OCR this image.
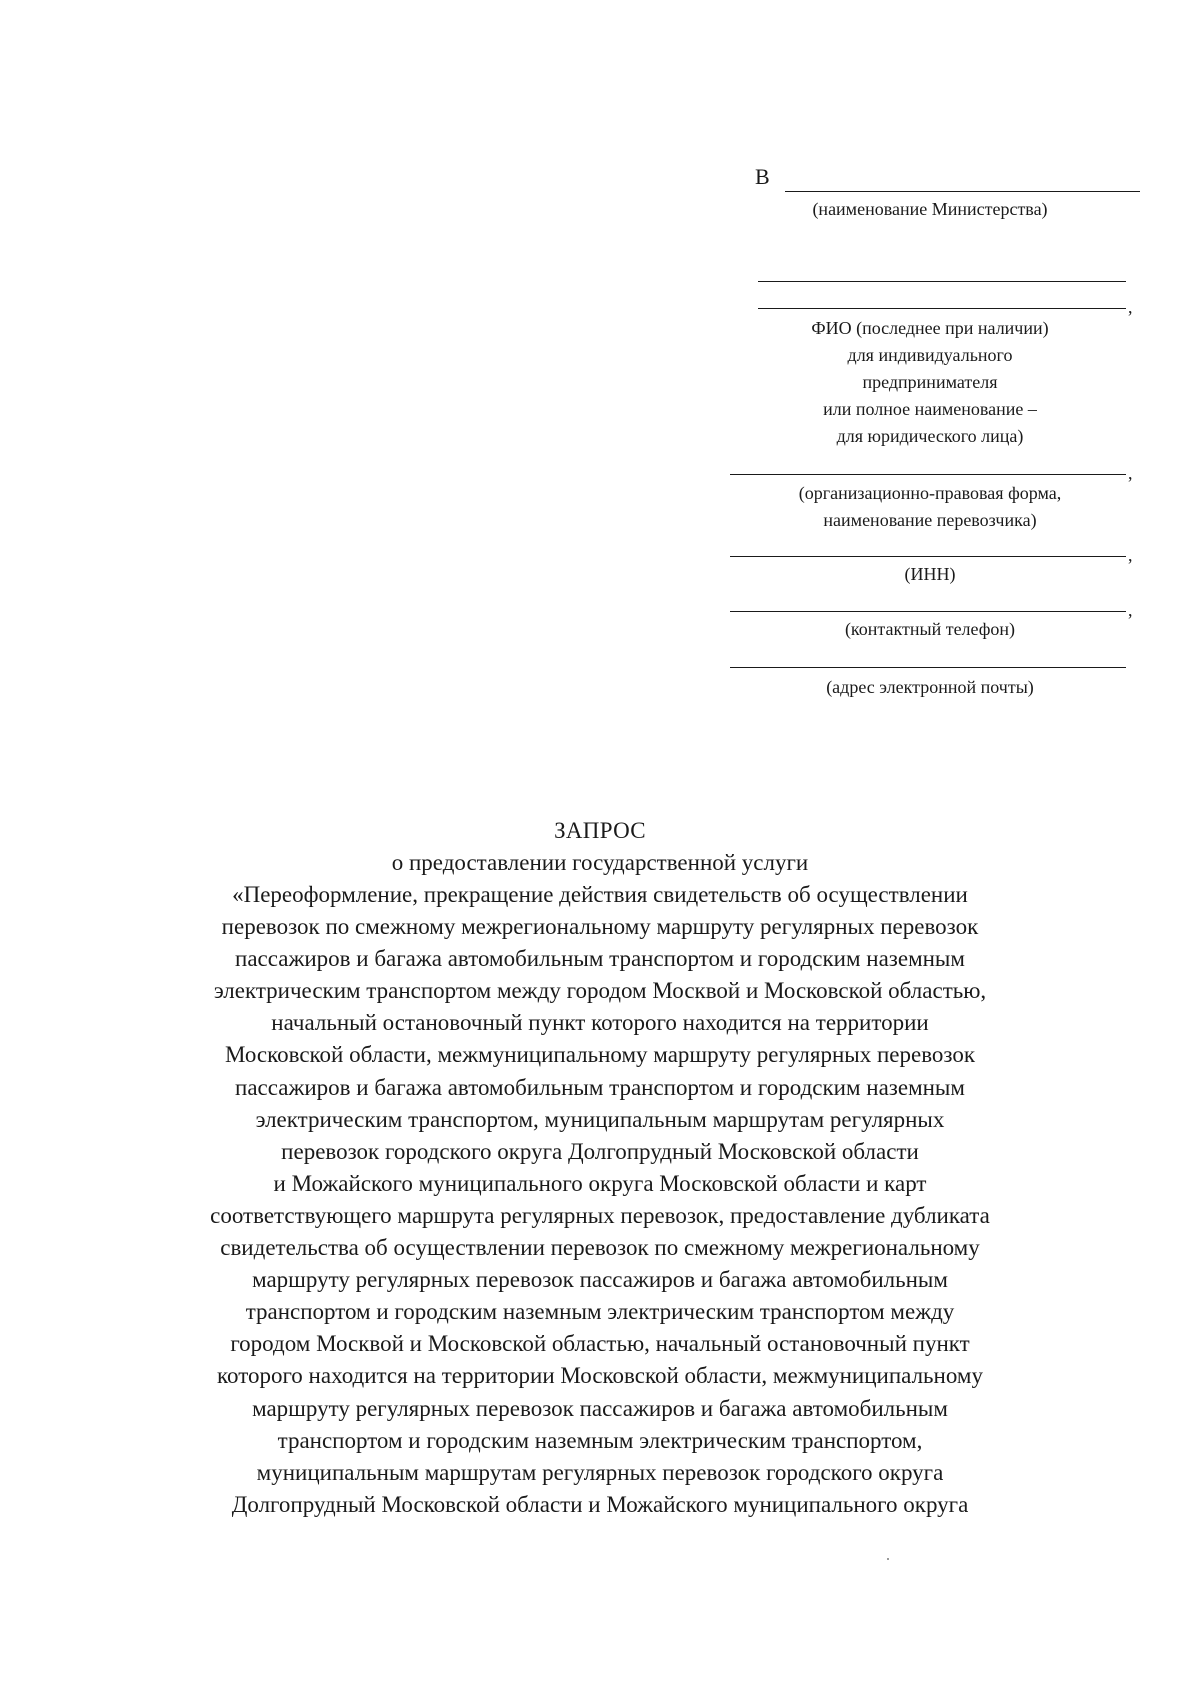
В
(наименование Министерства)
,
ФИО (последнее при наличии)
для индивидуального
предпринимателя
или полное наименование –
для юридического лица)
,
(организационно-правовая форма,
наименование перевозчика)
,
(ИНН)
,
(контактный телефон)
(адрес электронной почты)
ЗАПРОС
о предоставлении государственной услуги
«Переоформление, прекращение действия свидетельств об осуществлении
перевозок по смежному межрегиональному маршруту регулярных перевозок
пассажиров и багажа автомобильным транспортом и городским наземным
электрическим транспортом между городом Москвой и Московской областью,
начальный остановочный пункт которого находится на территории
Московской области, межмуниципальному маршруту регулярных перевозок
пассажиров и багажа автомобильным транспортом и городским наземным
электрическим транспортом, муниципальным маршрутам регулярных
перевозок городского округа Долгопрудный Московской области
и Можайского муниципального округа Московской области и карт
соответствующего маршрута регулярных перевозок, предоставление дубликата
свидетельства об осуществлении перевозок по смежному межрегиональному
маршруту регулярных перевозок пассажиров и багажа автомобильным
транспортом и городским наземным электрическим транспортом между
городом Москвой и Московской областью, начальный остановочный пункт
которого находится на территории Московской области, межмуниципальному
маршруту регулярных перевозок пассажиров и багажа автомобильным
транспортом и городским наземным электрическим транспортом,
муниципальным маршрутам регулярных перевозок городского округа
Долгопрудный Московской области и Можайского муниципального округа
